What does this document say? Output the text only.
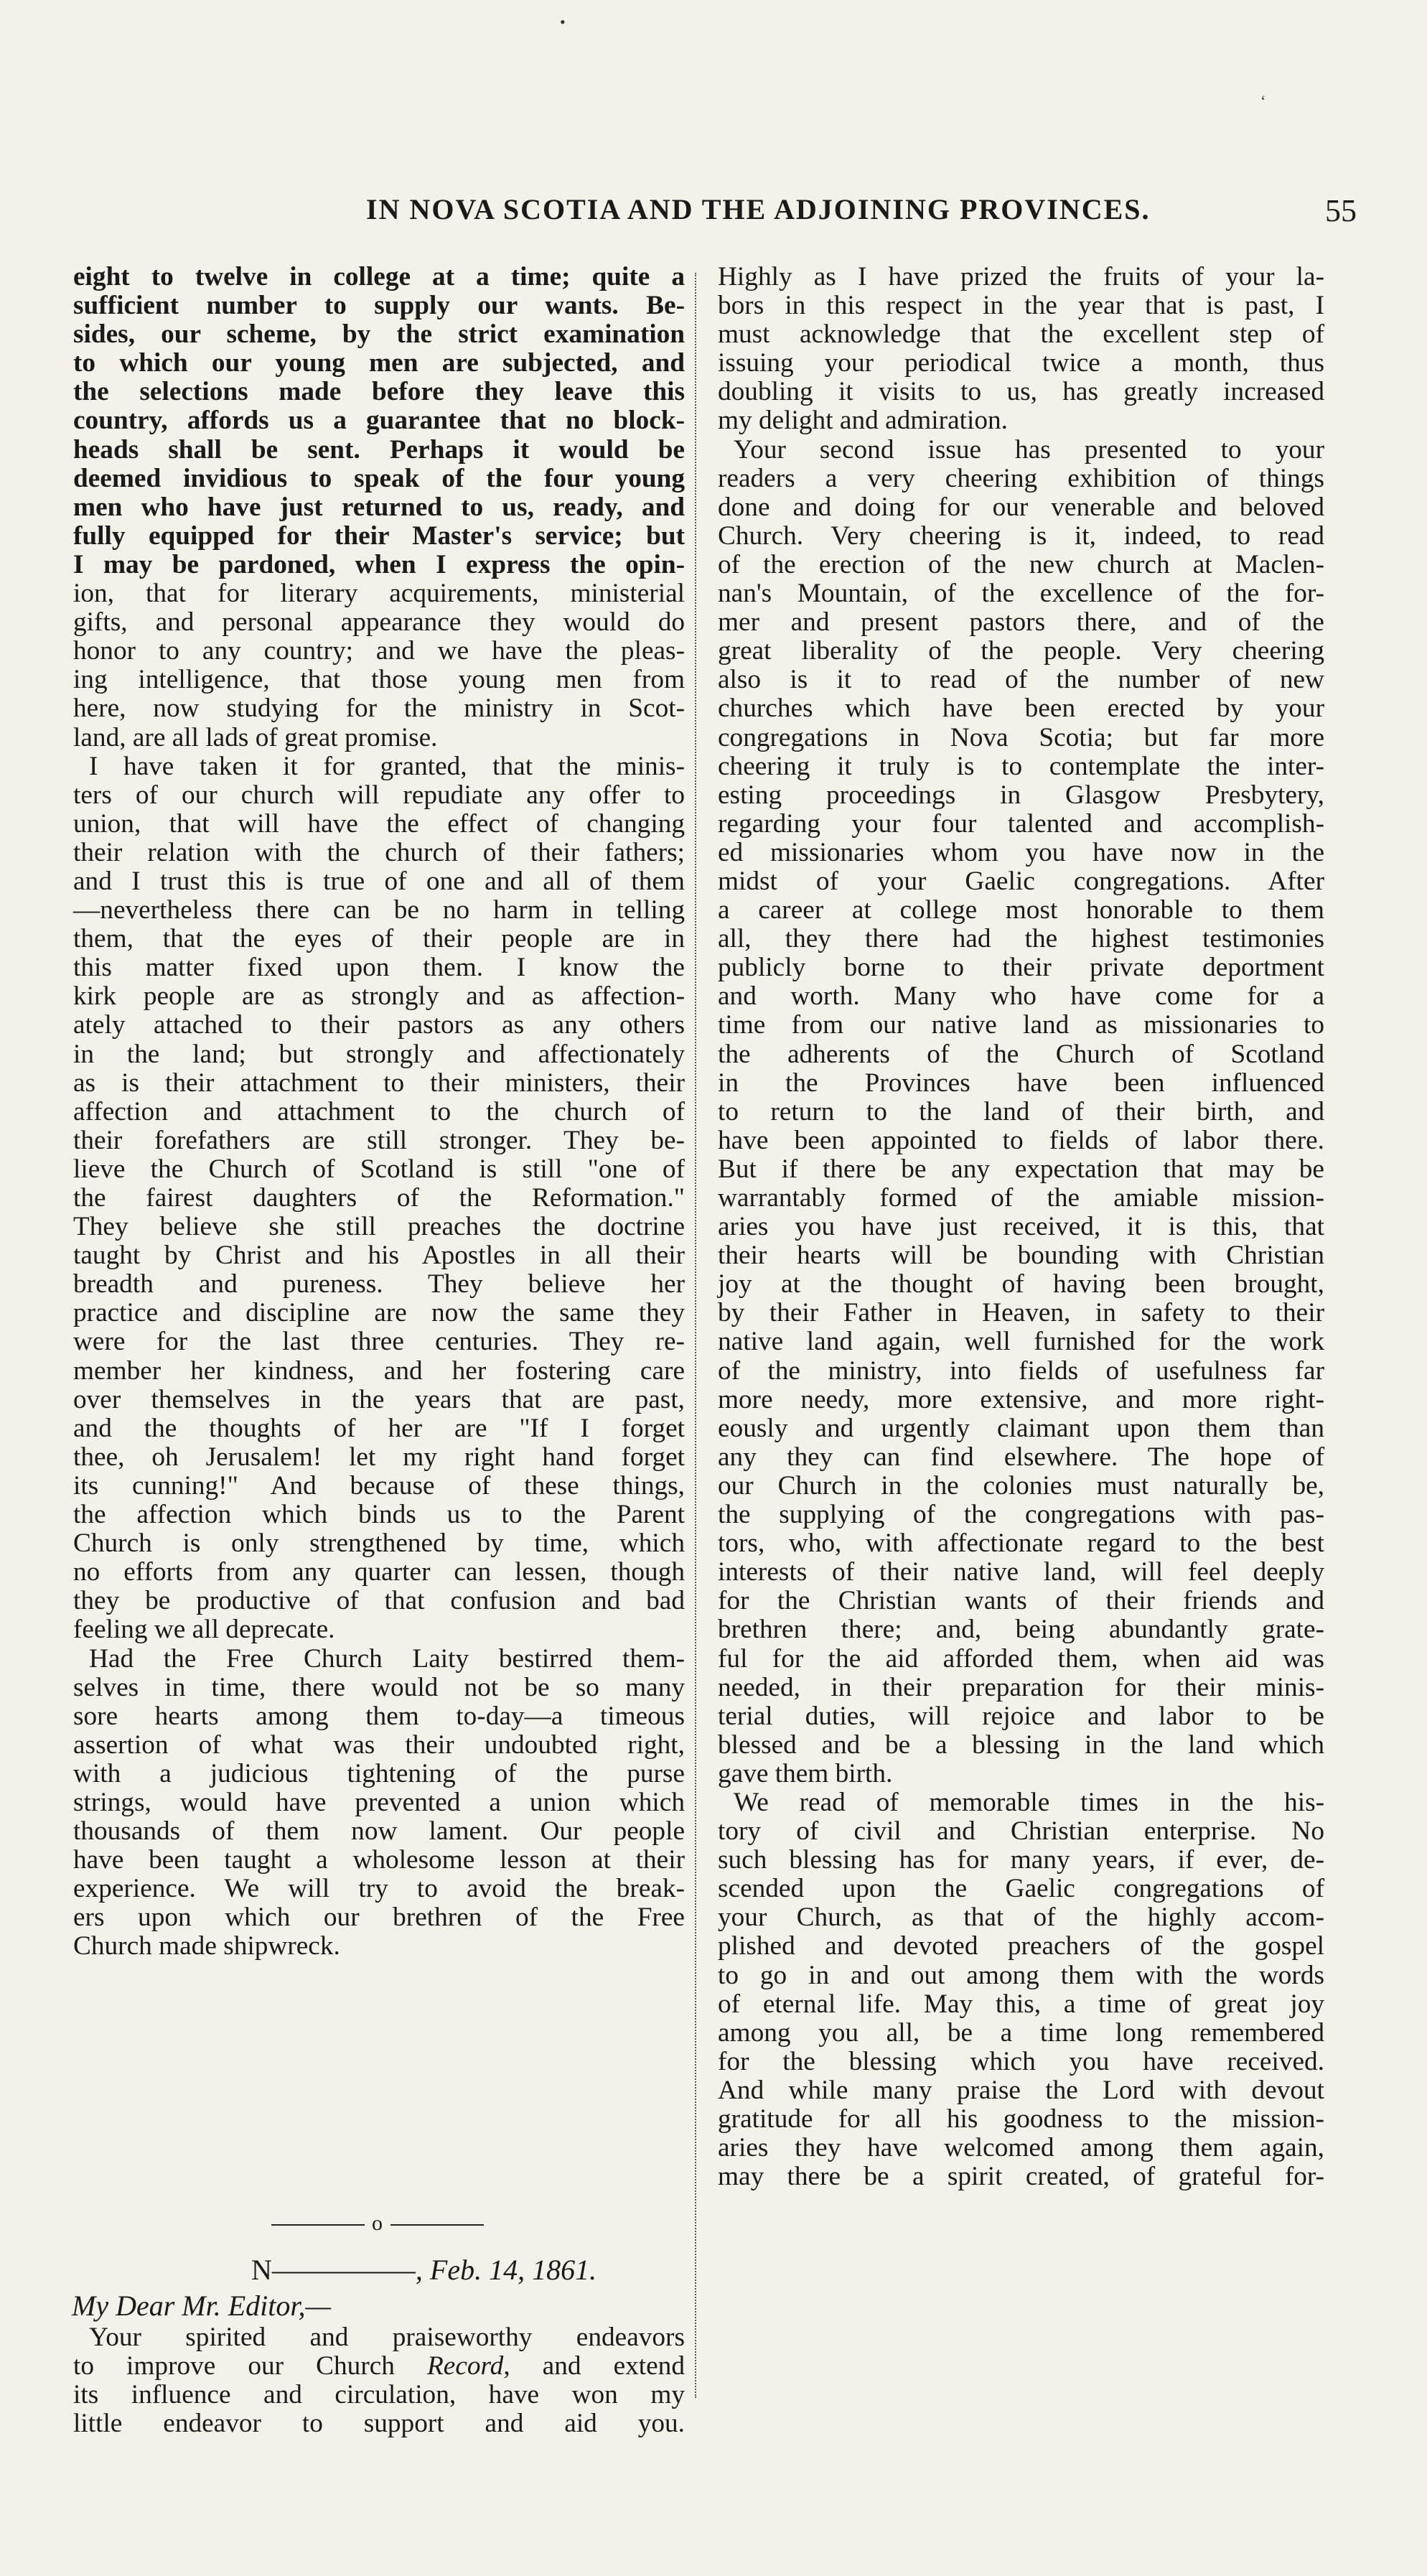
•
ʻ
IN NOVA SCOTIA AND THE ADJOINING PROVINCES.	55
eight to twelve in college at a time; quite a
sufficient number to supply our wants. Be-
sides, our scheme, by the strict examination
to which our young men are subjected, and
the selections made before they leave this
country, affords us a guarantee that no block-
heads shall be sent. Perhaps it would be
deemed invidious to speak of the four young
men who have just returned to us, ready, and
fully equipped for their Master's service; but
I may be pardoned, when I express the opin-
ion, that for literary acquirements, ministerial
gifts, and personal appearance they would do
honor to any country; and we have the pleas-
ing intelligence, that those young men from
here, now studying for the ministry in Scot-
land, are all lads of great promise.
I have taken it for granted, that the minis-
ters of our church will repudiate any offer to
union, that will have the effect of changing
their relation with the church of their fathers;
and I trust this is true of one and all of them
—nevertheless there can be no harm in telling
them, that the eyes of their people are in
this matter fixed upon them. I know the
kirk people are as strongly and as affection-
ately attached to their pastors as any others
in the land; but strongly and affectionately
as is their attachment to their ministers, their
affection and attachment to the church of
their forefathers are still stronger. They be-
lieve the Church of Scotland is still "one of
the fairest daughters of the Reformation."
They believe she still preaches the doctrine
taught by Christ and his Apostles in all their
breadth and pureness. They believe her
practice and discipline are now the same they
were for the last three centuries. They re-
member her kindness, and her fostering care
over themselves in the years that are past,
and the thoughts of her are "If I forget
thee, oh Jerusalem! let my right hand forget
its cunning!" And because of these things,
the affection which binds us to the Parent
Church is only strengthened by time, which
no efforts from any quarter can lessen, though
they be productive of that confusion and bad
feeling we all deprecate.
Had the Free Church Laity bestirred them-
selves in time, there would not be so many
sore hearts among them to-day—a timeous
assertion of what was their undoubted right,
with a judicious tightening of the purse
strings, would have prevented a union which
thousands of them now lament. Our people
have been taught a wholesome lesson at their
experience. We will try to avoid the break-
ers upon which our brethren of the Free
Church made shipwreck.
Highly as I have prized the fruits of your la-
bors in this respect in the year that is past, I
must acknowledge that the excellent step of
issuing your periodical twice a month, thus
doubling it visits to us, has greatly increased
my delight and admiration.
Your second issue has presented to your
readers a very cheering exhibition of things
done and doing for our venerable and beloved
Church. Very cheering is it, indeed, to read
of the erection of the new church at Maclen-
nan's Mountain, of the excellence of the for-
mer and present pastors there, and of the
great liberality of the people. Very cheering
also is it to read of the number of new
churches which have been erected by your
congregations in Nova Scotia; but far more
cheering it truly is to contemplate the inter-
esting proceedings in Glasgow Presbytery,
regarding your four talented and accomplish-
ed missionaries whom you have now in the
midst of your Gaelic congregations. After
a career at college most honorable to them
all, they there had the highest testimonies
publicly borne to their private deportment
and worth. Many who have come for a
time from our native land as missionaries to
the adherents of the Church of Scotland
in the Provinces have been influenced
to return to the land of their birth, and
have been appointed to fields of labor there.
But if there be any expectation that may be
warrantably formed of the amiable mission-
aries you have just received, it is this, that
their hearts will be bounding with Christian
joy at the thought of having been brought,
by their Father in Heaven, in safety to their
native land again, well furnished for the work
of the ministry, into fields of usefulness far
more needy, more extensive, and more right-
eously and urgently claimant upon them than
any they can find elsewhere. The hope of
our Church in the colonies must naturally be,
the supplying of the congregations with pas-
tors, who, with affectionate regard to the best
interests of their native land, will feel deeply
for the Christian wants of their friends and
brethren there; and, being abundantly grate-
ful for the aid afforded them, when aid was
needed, in their preparation for their minis-
terial duties, will rejoice and labor to be
blessed and be a blessing in the land which
gave them birth.
We read of memorable times in the his-
tory of civil and Christian enterprise. No
such blessing has for many years, if ever, de-
scended upon the Gaelic congregations of
your Church, as that of the highly accom-
plished and devoted preachers of the gospel
to go in and out among them with the words
of eternal life. May this, a time of great joy
among you all, be a time long remembered
for the blessing which you have received.
And while many praise the Lord with devout
gratitude for all his goodness to the mission-
aries they have welcomed among them again,
may there be a spirit created, of grateful for-
o
N—————, Feb. 14, 1861.
My Dear Mr. Editor,—
Your spirited and praiseworthy endeavors
to improve our Church Record, and extend
its influence and circulation, have won my
little endeavor to support and aid you.
